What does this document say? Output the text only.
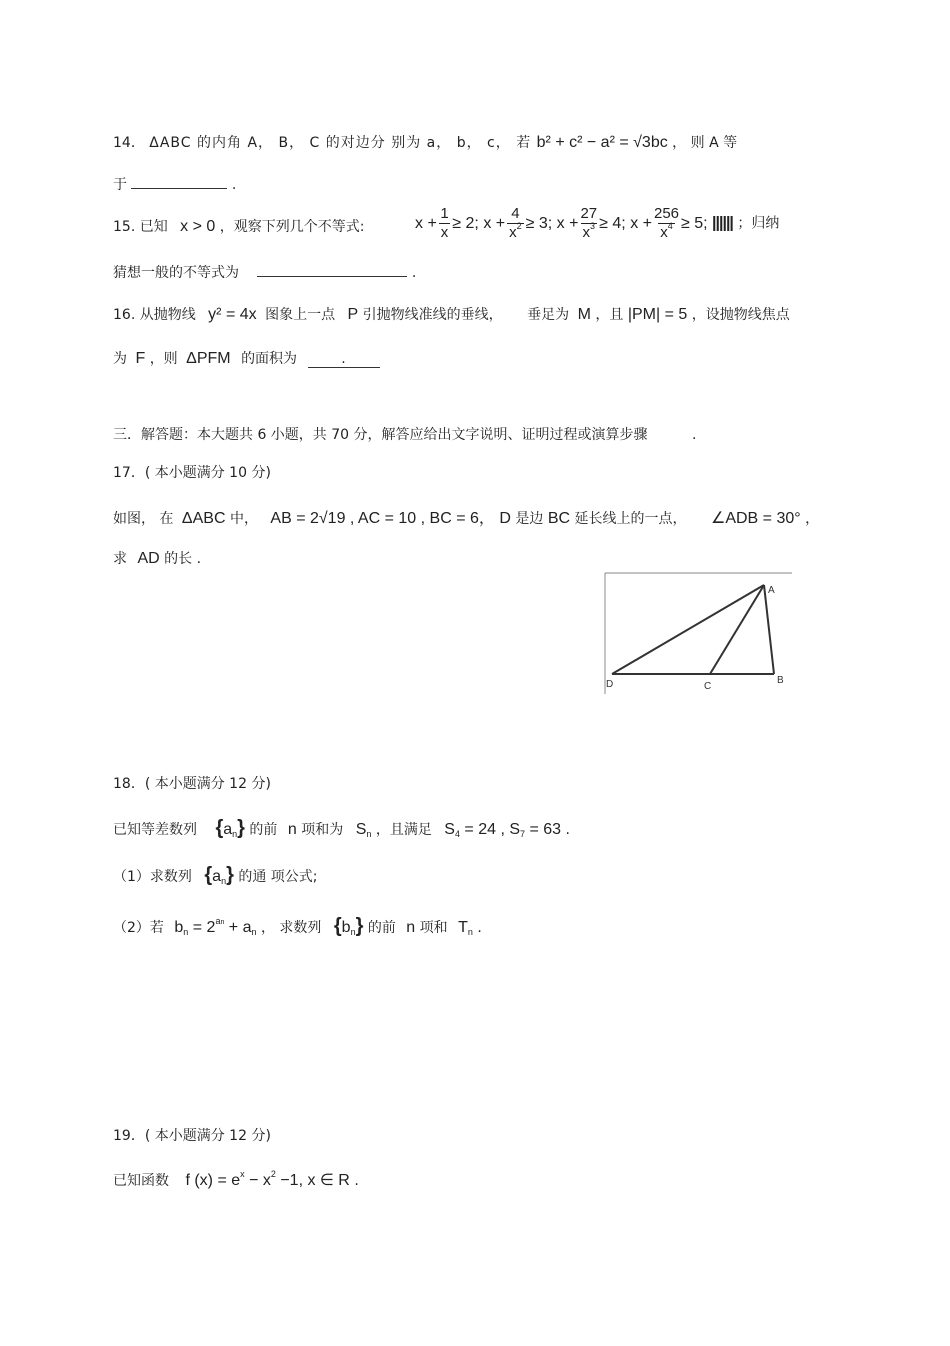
14． ΔABC 的内角 A， B， C 的对边分 别为 a， b， c， 若 b² + c² − a² = √3bc ， 则 A 等
于	.
15. 已知 x > 0 ，观察下列几个不等式:	$x + \frac{1}{x} \ge 2$; $x + \frac{4}{x^2} \ge 3$; $x + \frac{27}{x^3} \ge 4$; $x + \frac{256}{x^4} \ge 5$; |||||| ；归纳
猜想一般的不等式为	.
16. 从抛物线 y² = 4x 图象上一点 P 引抛物线准线的垂线， 垂足为 M ，且 |PM| = 5 ，设抛物线焦点
为 F ，则 ΔPFM 的面积为	.
三．解答题：本大题共 6 小题，共 70 分，解答应给出文字说明、证明过程或演算步骤	.
17．( 本小题满分 10 分)
如图， 在 ΔABC 中， AB = 2√19 , AC = 10 , BC = 6， D 是边 BC 延长线上的一点， ∠ADB = 30° ，
求 AD 的长 .
A
B
C
D
18．( 本小题满分 12 分)
已知等差数列 $\{a_n\}$ 的前 n 项和为 $S_n$ ，且满足 $S_4 = 24$ , $S_7 = 63$ .
（1）求数列 $\{a_n\}$ 的通 项公式;
（2）若 $b_n = 2^{an} + a_n$ ， 求数列 $\{b_n\}$ 的前 n 项和 $T_n$ .
19．( 本小题满分 12 分)
已知函数 f $(x) = e^x - x^2 -1$, x ∈ R .
